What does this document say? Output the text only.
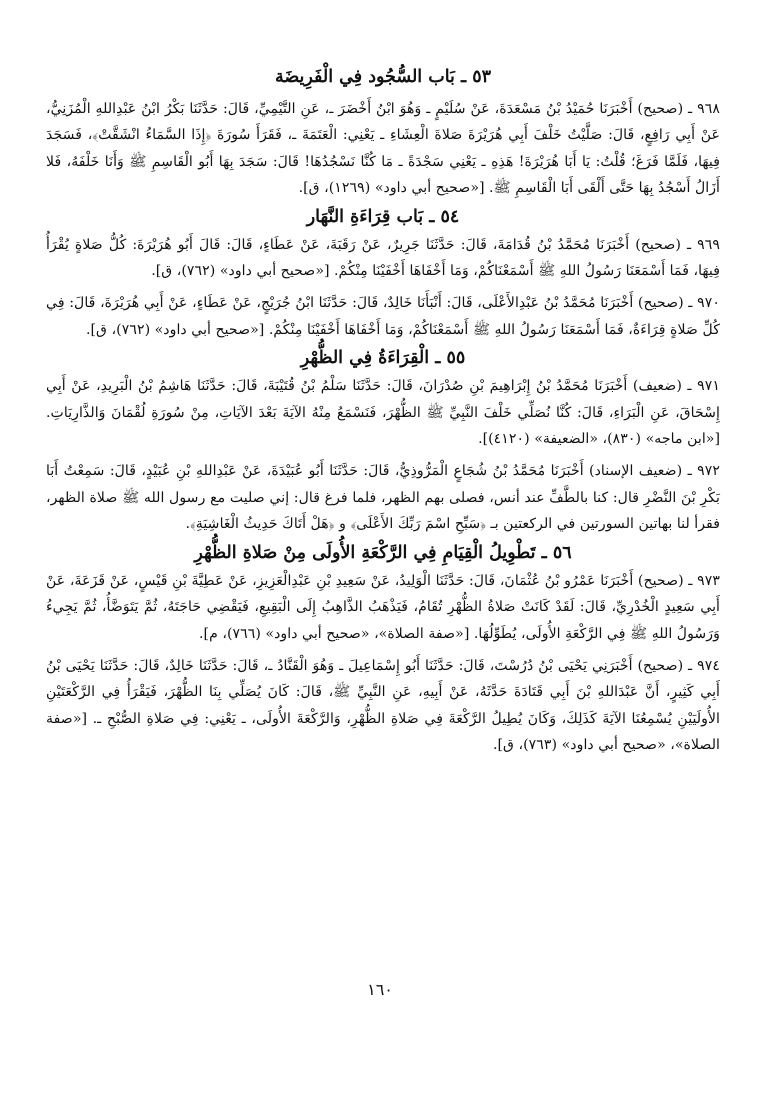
٥٣ ـ بَاب السُّجُود فِي الْفَرِيضَة

٩٦٨ ـ (صحيح) أَخْبَرَنَا حُمَيْدُ بْنُ مَسْعَدَةَ، عَنْ سُلَيْمٍ ـ وَهُوَ ابْنُ أَخْضَرَ ـ، عَنِ التَّيْمِيِّ، قَالَ: حَدَّثَنَا بَكْرُ ابْنُ عَبْدِاللهِ الْمُزَنِيُّ، عَنْ أَبِي رَافِعٍ، قَالَ: صَلَّيْتُ خَلْفَ أَبِي هُرَيْرَةَ صَلاةَ الْعِشَاءِ ـ يَعْنِي: الْعَتَمَةَ ـ، فَقَرَأَ سُورَةَ ﴿إِذَا السَّمَاءُ انْشَقَّتْ﴾، فَسَجَدَ فِيهَا، فَلَمَّا فَرَغَ؛ قُلْتُ: يَا أَبَا هُرَيْرَةَ! هَذِهِ ـ يَعْنِي سَجْدَةً ـ مَا كُنَّا نَسْجُدُهَا! قَالَ: سَجَدَ بِهَا أَبُو الْقَاسِمِ ﷺ وَأَنَا خَلْفَهُ، فَلا أَزَالُ أَسْجُدُ بِهَا حَتَّى أَلْقَى أَبَا الْقَاسِمِ ﷺ. [«صحيح أبي داود» (١٢٦٩)، ق].

٥٤ ـ بَاب قِرَاءَةِ النَّهَار

٩٦٩ ـ (صحيح) أَخْبَرَنَا مُحَمَّدُ بْنُ قُدَامَةَ، قَالَ: حَدَّثَنَا جَرِيرٌ، عَنْ رَقَبَةَ، عَنْ عَطَاءٍ، قَالَ: قَالَ أَبُو هُرَيْرَةَ: كُلُّ صَلاةٍ يُقْرَأُ فِيهَا، فَمَا أَسْمَعَنَا رَسُولُ اللهِ ﷺ أَسْمَعْنَاكُمْ، وَمَا أَخْفَاهَا أَخْفَيْنَا مِنْكُمْ. [«صحيح أبي داود» (٧٦٢)، ق].

٩٧٠ ـ (صحيح) أَخْبَرَنَا مُحَمَّدُ بْنُ عَبْدِالأَعْلَى، قَالَ: أَنْبَأَنَا خَالِدٌ، قَالَ: حَدَّثَنَا ابْنُ جُرَيْجٍ، عَنْ عَطَاءٍ، عَنْ أَبِي هُرَيْرَةَ، قَالَ: فِي كُلِّ صَلاةٍ قِرَاءَةٌ، فَمَا أَسْمَعَنَا رَسُولُ اللهِ ﷺ أَسْمَعْنَاكُمْ، وَمَا أَخْفَاهَا أَخْفَيْنَا مِنْكُمْ. [«صحيح أبي داود» (٧٦٢)، ق].

٥٥ ـ الْقِرَاءَةُ فِي الظُّهْرِ

٩٧١ ـ (ضعيف) أَخْبَرَنَا مُحَمَّدُ بْنُ إِبْرَاهِيمَ بْنِ صُدْرَانَ، قَالَ: حَدَّثَنَا سَلْمُ بْنُ قُتَيْبَةَ، قَالَ: حَدَّثَنَا هَاشِمُ بْنُ الْبَرِيدِ، عَنْ أَبِي إِسْحَاقَ، عَنِ الْبَرَاءِ، قَالَ: كُنَّا نُصَلِّي خَلْفَ النَّبِيِّ ﷺ الظُّهْرَ، فَنَسْمَعُ مِنْهُ الآيَةَ بَعْدَ الآيَاتِ، مِنْ سُورَةِ لُقْمَانَ وَالذَّارِيَاتِ. [«ابن ماجه» (٨٣٠)، «الضعيفة» (٤١٢٠)].

٩٧٢ ـ (ضعيف الإسناد) أَخْبَرَنَا مُحَمَّدُ بْنُ شُجَاعٍ الْمَرُّوذِيُّ، قَالَ: حَدَّثَنَا أَبُو عُبَيْدَةَ، عَنْ عَبْدِاللهِ بْنِ عُبَيْدٍ، قَالَ: سَمِعْتُ أَبَا بَكْرِ بْنَ النَّضْرِ قال: كنا بالطَّفِّ عند أنس، فصلى بهم الظهر، فلما فرغ قال: إني صليت مع رسول الله ﷺ صلاة الظهر، فقرأ لنا بهاتين السورتين في الركعتين بـ ﴿سَبِّحِ اسْمَ رَبِّكَ الأَعْلَى﴾ و ﴿هَلْ أَتَاكَ حَدِيثُ الْغَاشِيَةِ﴾.

٥٦ ـ تَطْوِيلُ الْقِيَامِ فِي الرَّكْعَةِ الأُولَى مِنْ صَلاةِ الظُّهْرِ

٩٧٣ ـ (صحيح) أَخْبَرَنَا عَمْرُو بْنُ عُثْمَانَ، قَالَ: حَدَّثَنَا الْوَلِيدُ، عَنْ سَعِيدِ بْنِ عَبْدِالْعَزِيزِ، عَنْ عَطِيَّةَ بْنِ قَيْسٍ، عَنْ قَزَعَةَ، عَنْ أَبِي سَعِيدٍ الْخُدْرِيِّ، قَالَ: لَقَدْ كَانَتْ صَلاةُ الظُّهْرِ تُقَامُ، فَيَذْهَبُ الذَّاهِبُ إِلَى الْبَقِيعِ، فَيَقْضِي حَاجَتَهُ، ثُمَّ يَتَوَضَّأُ، ثُمَّ يَجِيءُ وَرَسُولُ اللهِ ﷺ فِي الرَّكْعَةِ الأُولَى، يُطَوِّلُهَا. [«صفة الصلاة»، «صحيح أبي داود» (٧٦٦)، م].

٩٧٤ ـ (صحيح) أَخْبَرَنِي يَحْيَى بْنُ دُرُسْتَ، قَالَ: حَدَّثَنَا أَبُو إِسْمَاعِيلَ ـ وَهُوَ الْقَنَّادُ ـ، قَالَ: حَدَّثَنَا خَالِدٌ، قَالَ: حَدَّثَنَا يَحْيَى بْنُ أَبِي كَثِيرٍ، أَنَّ عَبْدَاللهِ بْنَ أَبِي قَتَادَةَ حَدَّثَهُ، عَنْ أَبِيهِ، عَنِ النَّبِيِّ ﷺ، قَالَ: كَانَ يُصَلِّي بِنَا الظُّهْرَ، فَيَقْرَأُ فِي الرَّكْعَتَيْنِ الأُولَيَيْنِ يُسْمِعُنَا الآيَةَ كَذَلِكَ، وَكَانَ يُطِيلُ الرَّكْعَةَ فِي صَلاةِ الظُّهْرِ، وَالرَّكْعَةَ الأُولَى، ـ يَعْنِي: فِي صَلاةِ الصُّبْحِ ـ. [«صفة الصلاة»، «صحيح أبي داود» (٧٦٣)، ق].

١٦٠
